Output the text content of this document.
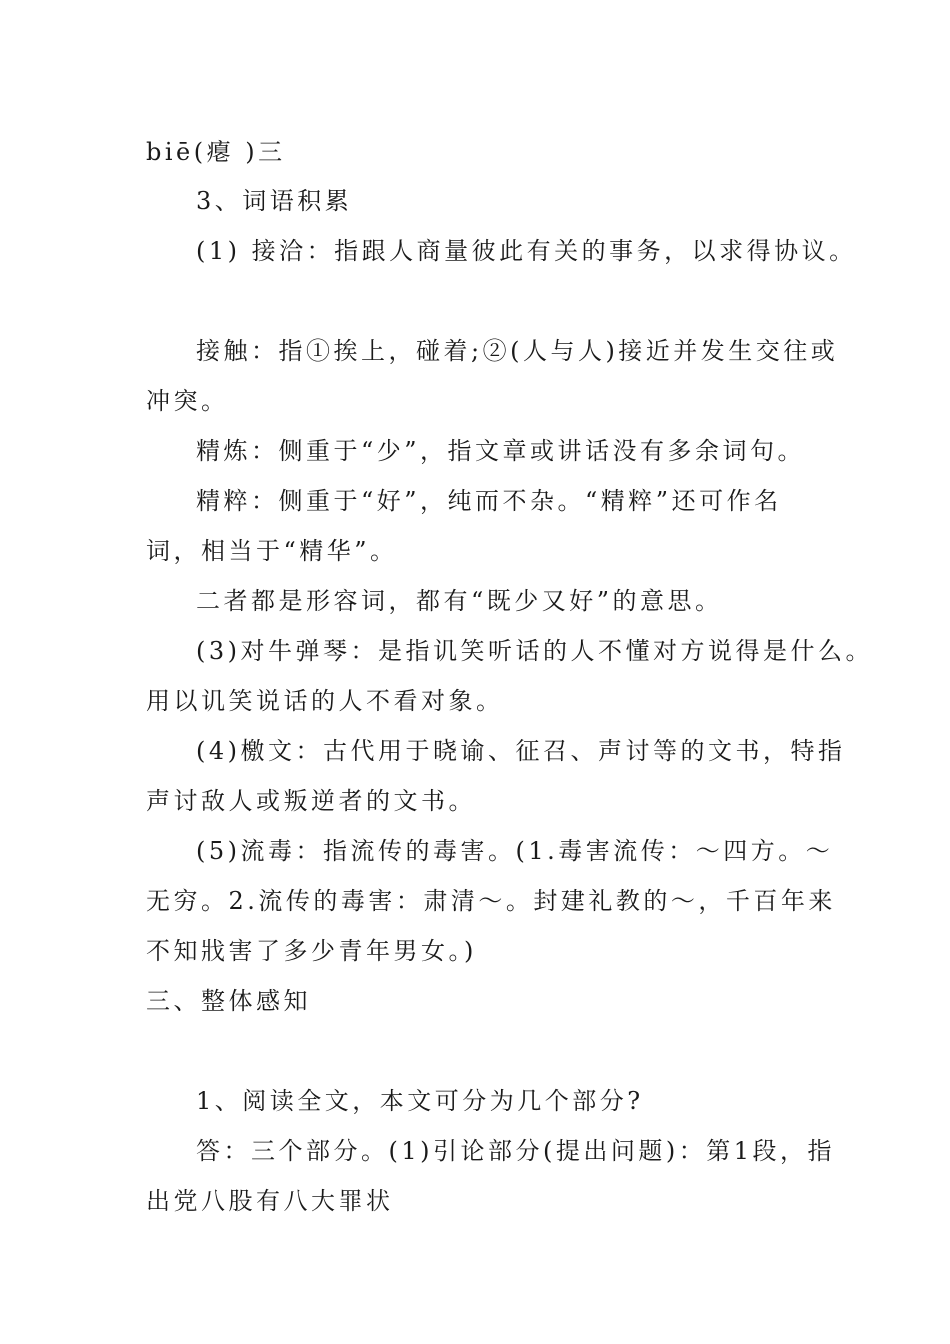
biē(瘪 )三
3、词语积累
(1) 接洽：指跟人商量彼此有关的事务，以求得协议。
接触：指①挨上，碰着;②(人与人)接近并发生交往或
冲突。
精炼：侧重于“少”，指文章或讲话没有多余词句。
精粹：侧重于“好”，纯而不杂。“精粹”还可作名
词，相当于“精华”。
二者都是形容词，都有“既少又好”的意思。
(3)对牛弹琴：是指讥笑听话的人不懂对方说得是什么。
用以讥笑说话的人不看对象。
(4)檄文：古代用于晓谕、征召、声讨等的文书，特指
声讨敌人或叛逆者的文书。
(5)流毒：指流传的毒害。(1.毒害流传：～四方。～
无穷。2.流传的毒害：肃清～。封建礼教的～，千百年来
不知戕害了多少青年男女。)
三、整体感知
1、阅读全文，本文可分为几个部分?
答：三个部分。(1)引论部分(提出问题)：第1段，指
出党八股有八大罪状
